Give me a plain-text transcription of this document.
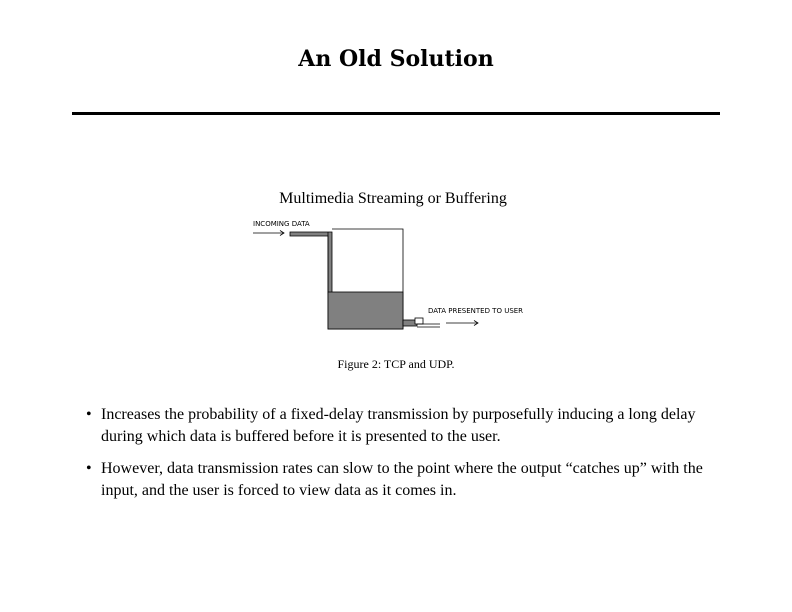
An Old Solution
Multimedia Streaming or Buffering
INCOMING DATA
DATA PRESENTED TO USER
Figure 2: TCP and UDP.
• Increases the probability of a fixed-delay transmission by purposefully inducing a long delay during which data is buffered before it is presented to the user.
• However, data transmission rates can slow to the point where the output “catches up” with the input, and the user is forced to view data as it comes in.
